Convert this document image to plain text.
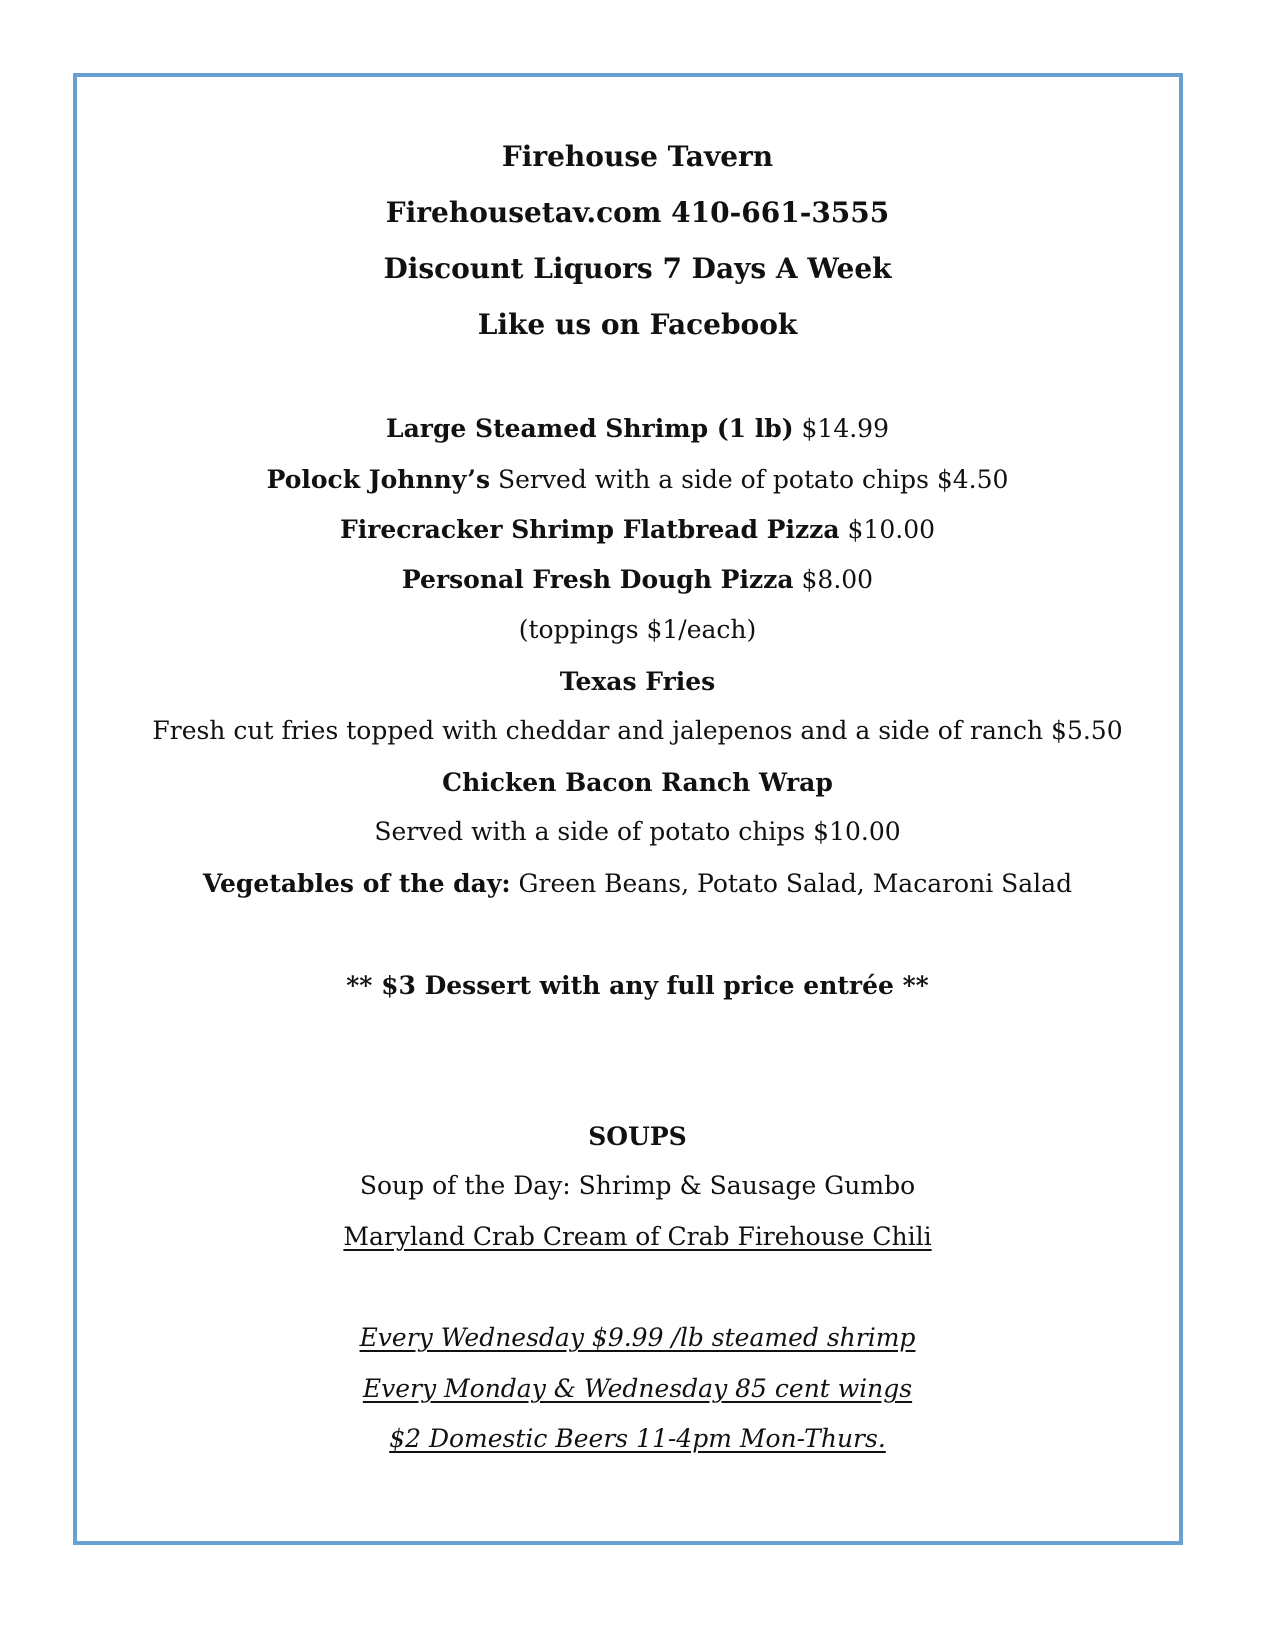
Firehouse Tavern
Firehousetav.com 410-661-3555
Discount Liquors 7 Days A Week
Like us on Facebook
Large Steamed Shrimp (1 lb) $14.99
Polock Johnny’s Served with a side of potato chips $4.50
Firecracker Shrimp Flatbread Pizza $10.00
Personal Fresh Dough Pizza $8.00
(toppings $1/each)
Texas Fries
Fresh cut fries topped with cheddar and jalepenos and a side of ranch $5.50
Chicken Bacon Ranch Wrap
Served with a side of potato chips $10.00
Vegetables of the day: Green Beans, Potato Salad, Macaroni Salad
** $3 Dessert with any full price entrée **
SOUPS
Soup of the Day: Shrimp & Sausage Gumbo
Maryland Crab Cream of Crab Firehouse Chili
Every Wednesday $9.99 /lb steamed shrimp
Every Monday & Wednesday 85 cent wings
$2 Domestic Beers 11-4pm Mon-Thurs.
